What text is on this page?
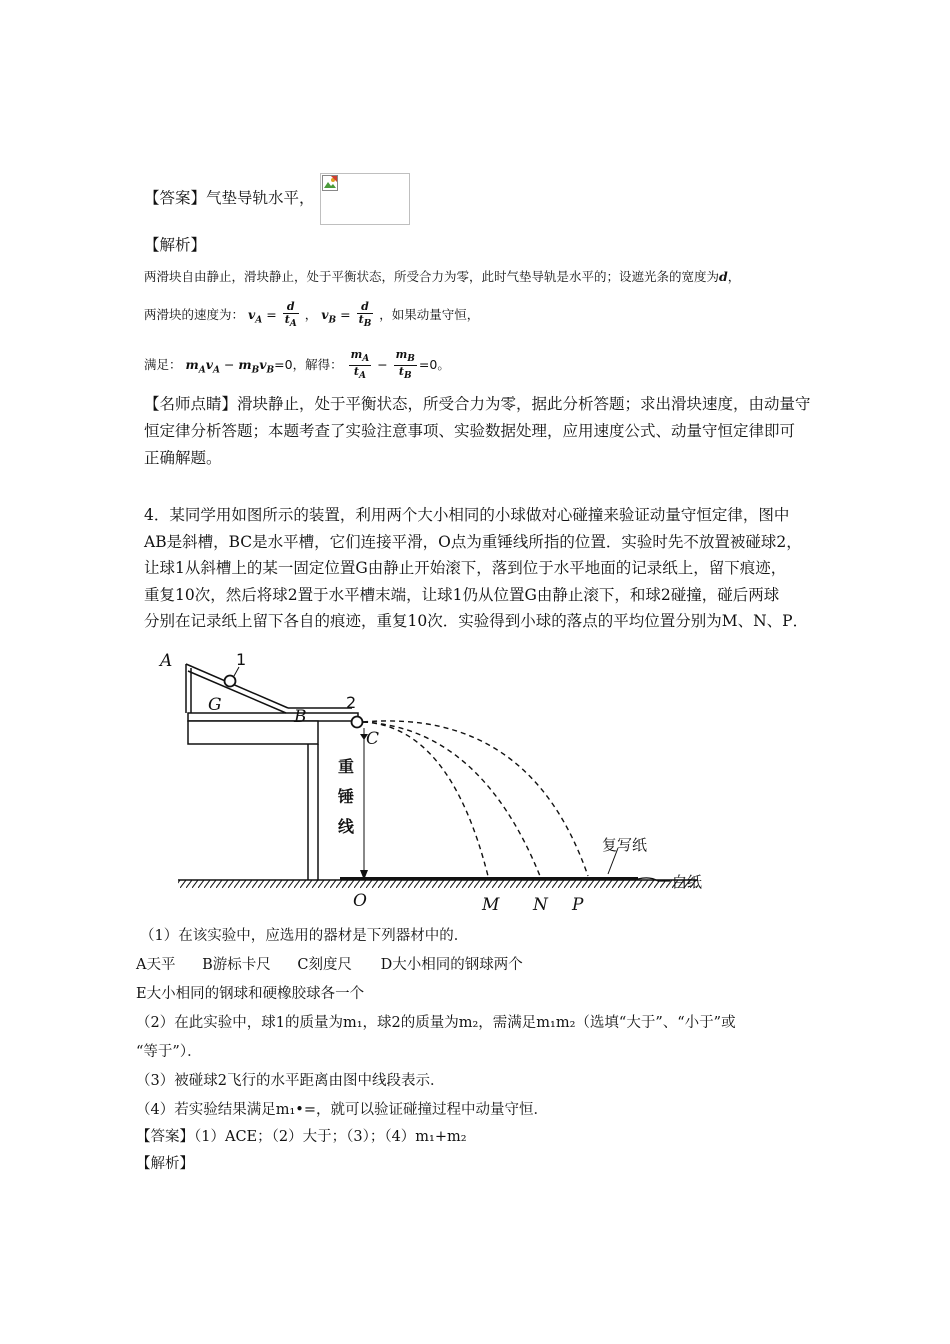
【答案】气垫导轨水平，
【解析】
两滑块自由静止，滑块静止，处于平衡状态，所受合力为零，此时气垫导轨是水平的；设遮光条的宽度为d，
两滑块的速度为： $v_A = \frac{d}{t_A}$ ， $v_B = \frac{d}{t_B}$ ，如果动量守恒，
满足： $m_Av_A - m_Bv_B=0$，解得： $\frac{m_A}{t_A} - \frac{m_B}{t_B} =0$。

【名师点睛】滑块静止，处于平衡状态，所受合力为零，据此分析答题；求出滑块速度，由动量守

恒定律分析答题；本题考查了实验注意事项、实验数据处理，应用速度公式、动量守恒定律即可

正确解题。

4．某同学用如图所示的装置，利用两个大小相同的小球做对心碰撞来验证动量守恒定律，图中

AB是斜槽，BC是水平槽，它们连接平滑，O点为重锤线所指的位置．实验时先不放置被碰球2，

让球1从斜槽上的某一固定位置G由静止开始滚下，落到位于水平地面的记录纸上，留下痕迹，

重复10次，然后将球2置于水平槽末端，让球1仍从位置G由静止滚下，和球2碰撞，碰后两球

分别在记录纸上留下各自的痕迹，重复10次．实验得到小球的落点的平均位置分别为M、N、P．

A
G
B
C
O	M N P
1
2
重
锤
线
复写纸
白纸
（1）在该实验中，应选用的器材是下列器材中的．
A天平 B游标卡尺 C刻度尺 D大小相同的钢球两个
E大小相同的钢球和硬橡胶球各一个
（2）在此实验中，球1的质量为m₁，球2的质量为m₂，需满足m₁m₂（选填“大于”、“小于”或
“等于”）．
（3）被碰球2飞行的水平距离由图中线段表示．
（4）若实验结果满足m₁•=，就可以验证碰撞过程中动量守恒．
【答案】（1）ACE；（2）大于；（3）；（4）m₁+m₂
【解析】
